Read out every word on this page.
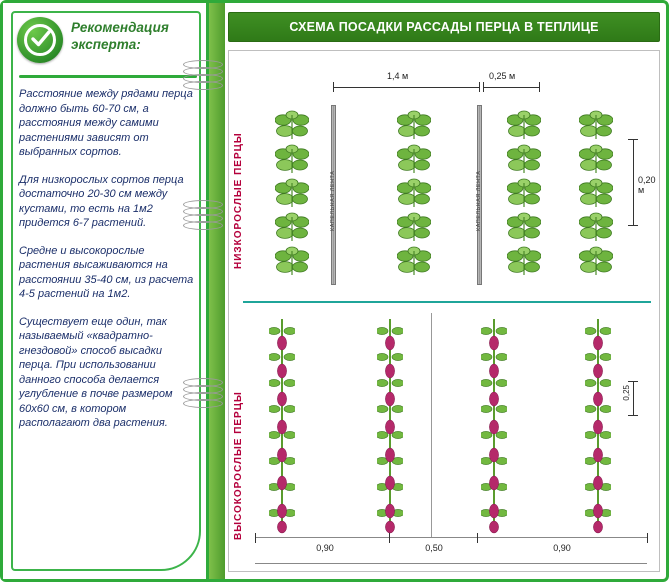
Рекомендация эксперта:

Расстояние между рядами перца должно быть 60-70 см, а расстояния между самими растениями зависят от выбранных сортов.

Для низкорослых сортов перца достаточно 20-30 см между кустами, то есть на 1м2 придется 6-7 растений.

Средне и высокорослые растения высаживаются на расстоянии 35-40 см, из расчета 4-5 растений на 1м2.

Существует еще один, так называемый «квадратно-гнездовой» способ высадки перца. При использовании данного способа делается углубление в почве размером 60х60 см, в котором располагают два растения.

СХЕМА ПОСАДКИ РАССАДЫ ПЕРЦА В ТЕПЛИЦЕ
НИЗКОРОСЛЫЕ ПЕРЦЫ
ВЫСОКОРОСЛЫЕ ПЕРЦЫ
1,4 м	0,25 м
КАПЕЛЬНАЯ ЛЕНТА	КАПЕЛЬНАЯ ЛЕНТА	0,20 м
0,25
0,90	0,50	0,90
